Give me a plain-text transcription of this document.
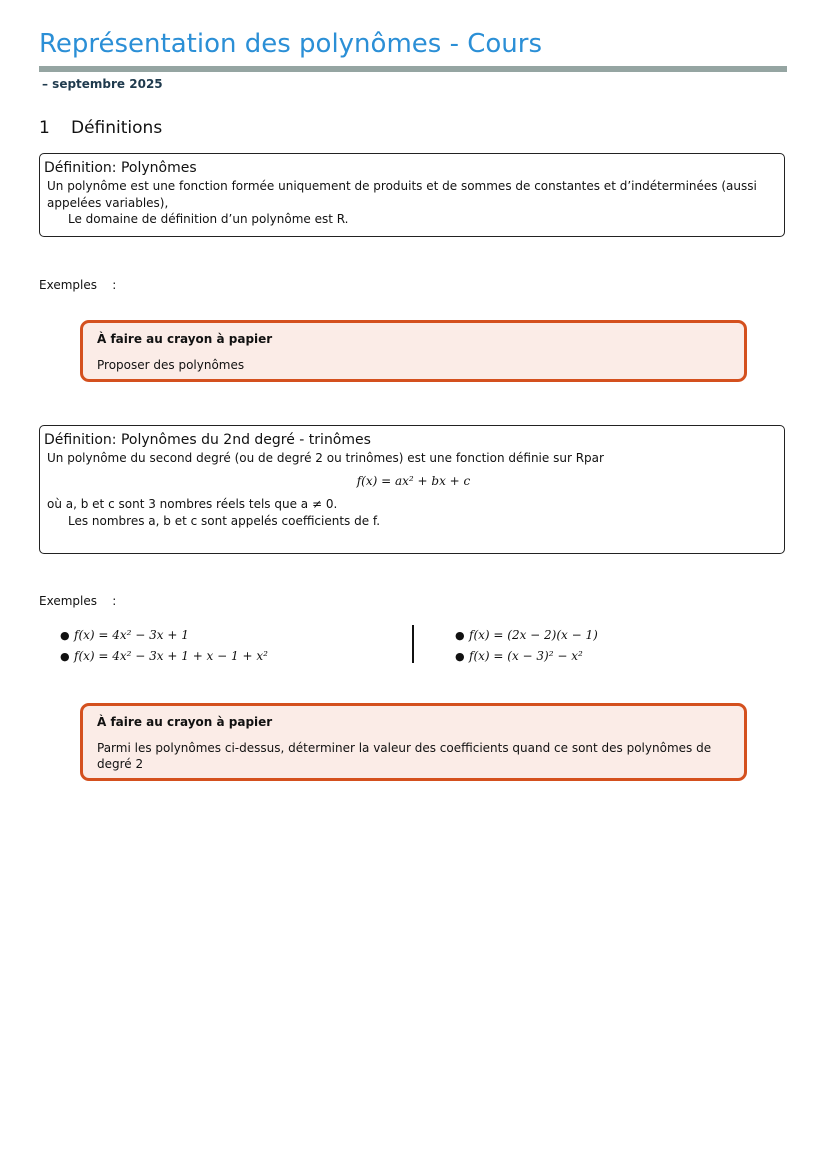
Représentation des polynômes - Cours
– septembre 2025
1 Définitions
Définition: Polynômes
Un polynôme est une fonction formée uniquement de produits et de sommes de constantes et d’indéterminées (aussi appelées variables),
Le domaine de définition d’un polynôme est R.
Exemples    :
À faire au crayon à papier
Proposer des polynômes
Définition: Polynômes du 2nd degré - trinômes
Un polynôme du second degré (ou de degré 2 ou trinômes) est une fonction définie sur Rpar
f(x) = ax² + bx + c
où a, b et c sont 3 nombres réels tels que a ≠ 0.
Les nombres a, b et c sont appelés coefficients de f.
Exemples    :
● f(x) = 4x² − 3x + 1
● f(x) = 4x² − 3x + 1 + x − 1 + x²
● f(x) = (2x − 2)(x − 1)
● f(x) = (x − 3)² − x²
À faire au crayon à papier
Parmi les polynômes ci-dessus, déterminer la valeur des coefficients quand ce sont des polynômes de degré 2
